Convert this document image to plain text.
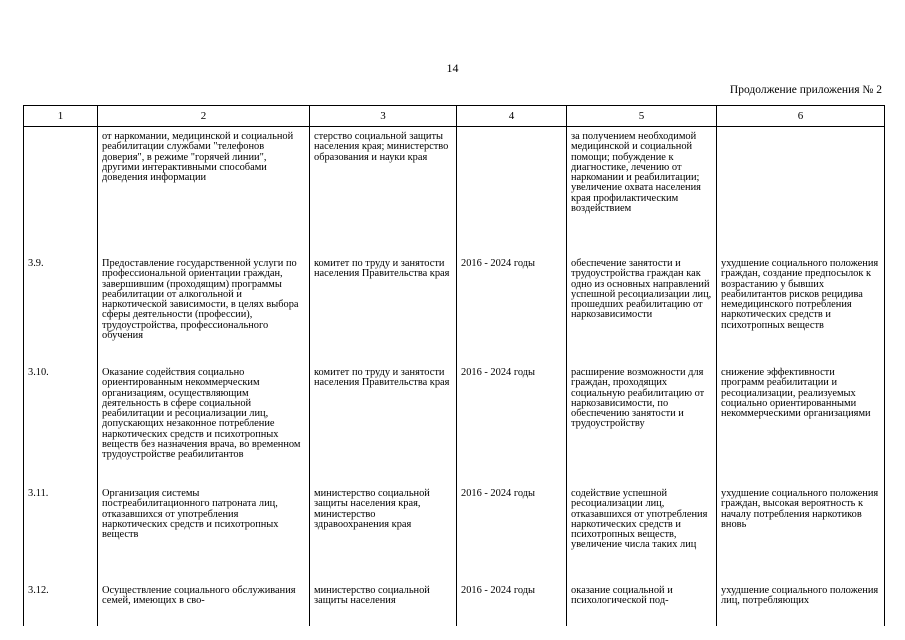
14
Продолжение приложения № 2
1	2	3	4	5	6
	от наркомании, медицинской и социальной реабилитации службами "телефонов доверия", в режиме "горячей линии", другими интерактивными способами доведения информации	стерство социальной защиты населения края; министерство образования и науки края		за получением необходимой медицинской и социальной помощи; побуждение к диагностике, лечению от наркомании и реабилитации; увеличение охвата населения края профилактическим воздействием	
3.9.	Предоставление государственной услуги по профессиональной ориентации граждан, завершившим (проходящим) программы реабилитации от алкогольной и наркотической зависимости, в целях выбора сферы деятельности (профессии), трудоустройства, профессионального обучения	комитет по труду и занятости населения Правительства края	2016 - 2024 годы	обеспечение занятости и трудоустройства граждан как одно из основных направлений успешной ресоциализации лиц, прошедших реабилитацию от наркозависимости	ухудшение социального положения граждан, создание предпосылок к возрастанию у бывших реабилитантов рисков рецидива немедицинского потребления наркотических средств и психотропных веществ
3.10.	Оказание содействия социально ориентированным некоммерческим организациям, осуществляющим деятельность в сфере социальной реабилитации и ресоциализации лиц, допускающих незаконное потребление наркотических средств и психотропных веществ без назначения врача, во временном трудоустройстве реабилитантов	комитет по труду и занятости населения Правительства края	2016 - 2024 годы	расширение возможности для граждан, проходящих социальную реабилитацию от наркозависимости, по обеспечению занятости и трудоустройству	снижение эффективности программ реабилитации и ресоциализации, реализуемых социально ориентированными некоммерческими организациями
3.11.	Организация системы постреабилитационного патроната лиц, отказавшихся от употребления наркотических средств и психотропных веществ	министерство социальной защиты населения края, министерство здравоохранения края	2016 - 2024 годы	содействие успешной ресоциализации лиц, отказавшихся от употребления наркотических средств и психотропных веществ, увеличение числа таких лиц	ухудшение социального положения граждан, высокая вероятность к началу потребления наркотиков вновь
3.12.	Осуществление социального обслуживания семей, имеющих в сво-	министерство социальной защиты населения	2016 - 2024 годы	оказание социальной и психологической под-	ухудшение социального положения лиц, потребляющих
